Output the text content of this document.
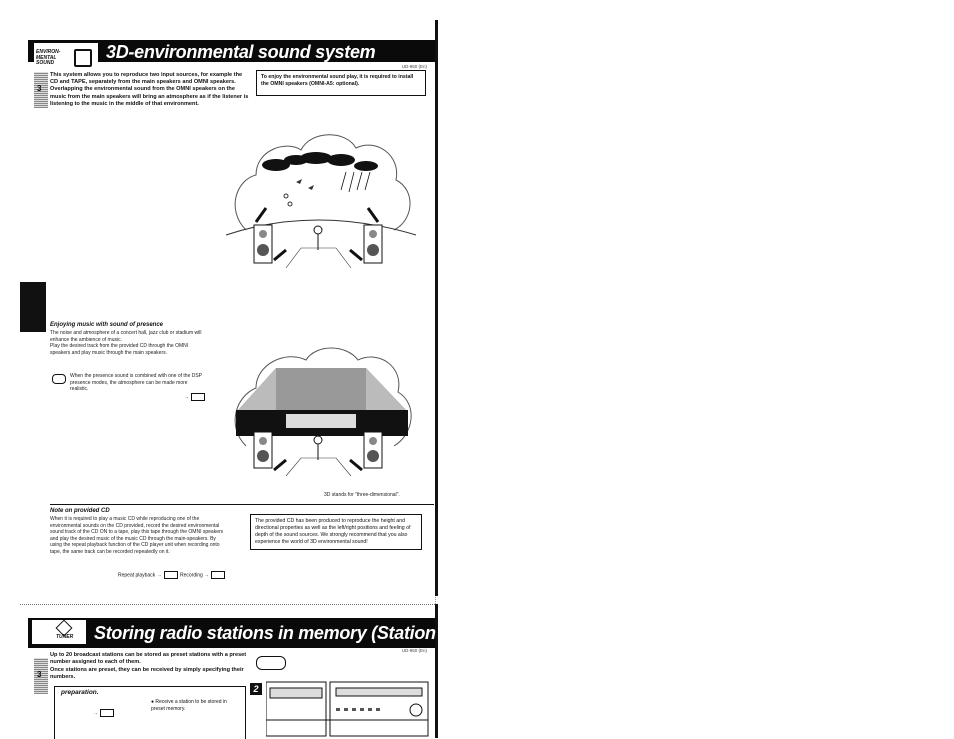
ENVIRON-
MENTAL
SOUND
3D-environmental sound system
UD-950 (En)
3
This system allows you to reproduce two input sources, for example the CD and TAPE, separately from the main speakers and OMNI speakers. Overlapping the environmental sound from the OMNI speakers on the music from the main speakers will bring an atmosphere as if the listener is listening to the music in the middle of that environment.
To enjoy the environmental sound play, it is required to install the OMNI speakers (OMNI-A5: optional).
Enjoying music with sound of presence
The noise and atmosphere of a concert hall, jazz club or stadium will enhance the ambience of music.
Play the desired track from the provided CD through the OMNI speakers and play music through the main speakers.
When the presence sound is combined with one of the DSP presence modes, the atmosphere can be made more realistic.
→
3D stands for "three-dimensional".
Note on provided CD
When it is required to play a music CD while reproducing one of the environmental sounds on the CD provided, record the desired environmental sound track of the CD ON to a tape, play this tape through the OMNI speakers and play the desired music of the music CD through the main-speakers. By using the repeat playback function of the CD player unit when recording onto tape, the same track can be recorded repeatedly on it.
Repeat playback →	Recording →
The provided CD has been produced to reproduce the height and directional properties as well as the left/right positions and feeling of depth of the sound sources. We strongly recommend that you also experience the world of 3D environmental sound!
TUNER Storing radio stations in memory (Station preset)
UD-950 (En)
3
Up to 20 broadcast stations can be stored as preset stations with a preset number assigned to each of them.
Once stations are preset, they can be received by simply specifying their numbers.
preparation.
● Receive a station to be stored in preset memory.
→
2
